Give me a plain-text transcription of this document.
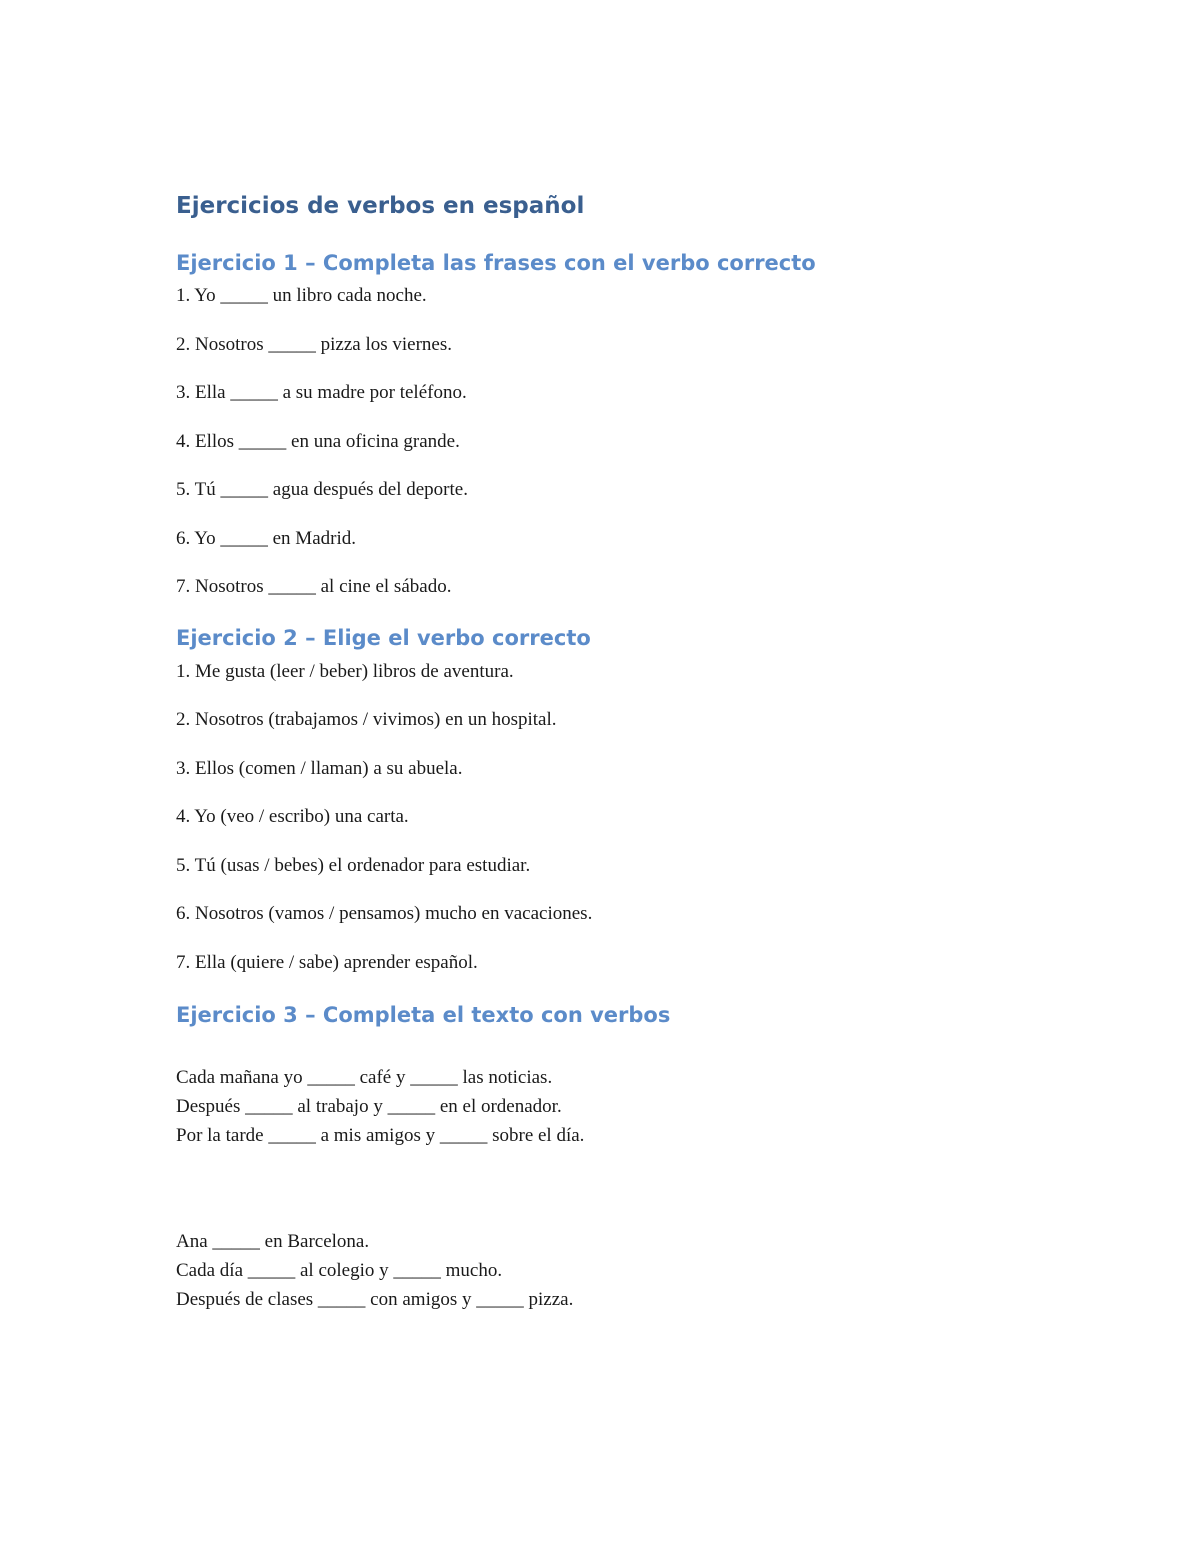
Ejercicios de verbos en español
Ejercicio 1 – Completa las frases con el verbo correcto

1. Yo _____ un libro cada noche.

2. Nosotros _____ pizza los viernes.

3. Ella _____ a su madre por teléfono.

4. Ellos _____ en una oficina grande.

5. Tú _____ agua después del deporte.

6. Yo _____ en Madrid.

7. Nosotros _____ al cine el sábado.

Ejercicio 2 – Elige el verbo correcto

1. Me gusta (leer / beber) libros de aventura.

2. Nosotros (trabajamos / vivimos) en un hospital.

3. Ellos (comen / llaman) a su abuela.

4. Yo (veo / escribo) una carta.

5. Tú (usas / bebes) el ordenador para estudiar.

6. Nosotros (vamos / pensamos) mucho en vacaciones.

7. Ella (quiere / sabe) aprender español.

Ejercicio 3 – Completa el texto con verbos

Cada mañana yo _____ café y _____ las noticias.

Después _____ al trabajo y _____ en el ordenador.

Por la tarde _____ a mis amigos y _____ sobre el día.

Ana _____ en Barcelona.

Cada día _____ al colegio y _____ mucho.

Después de clases _____ con amigos y _____ pizza.
